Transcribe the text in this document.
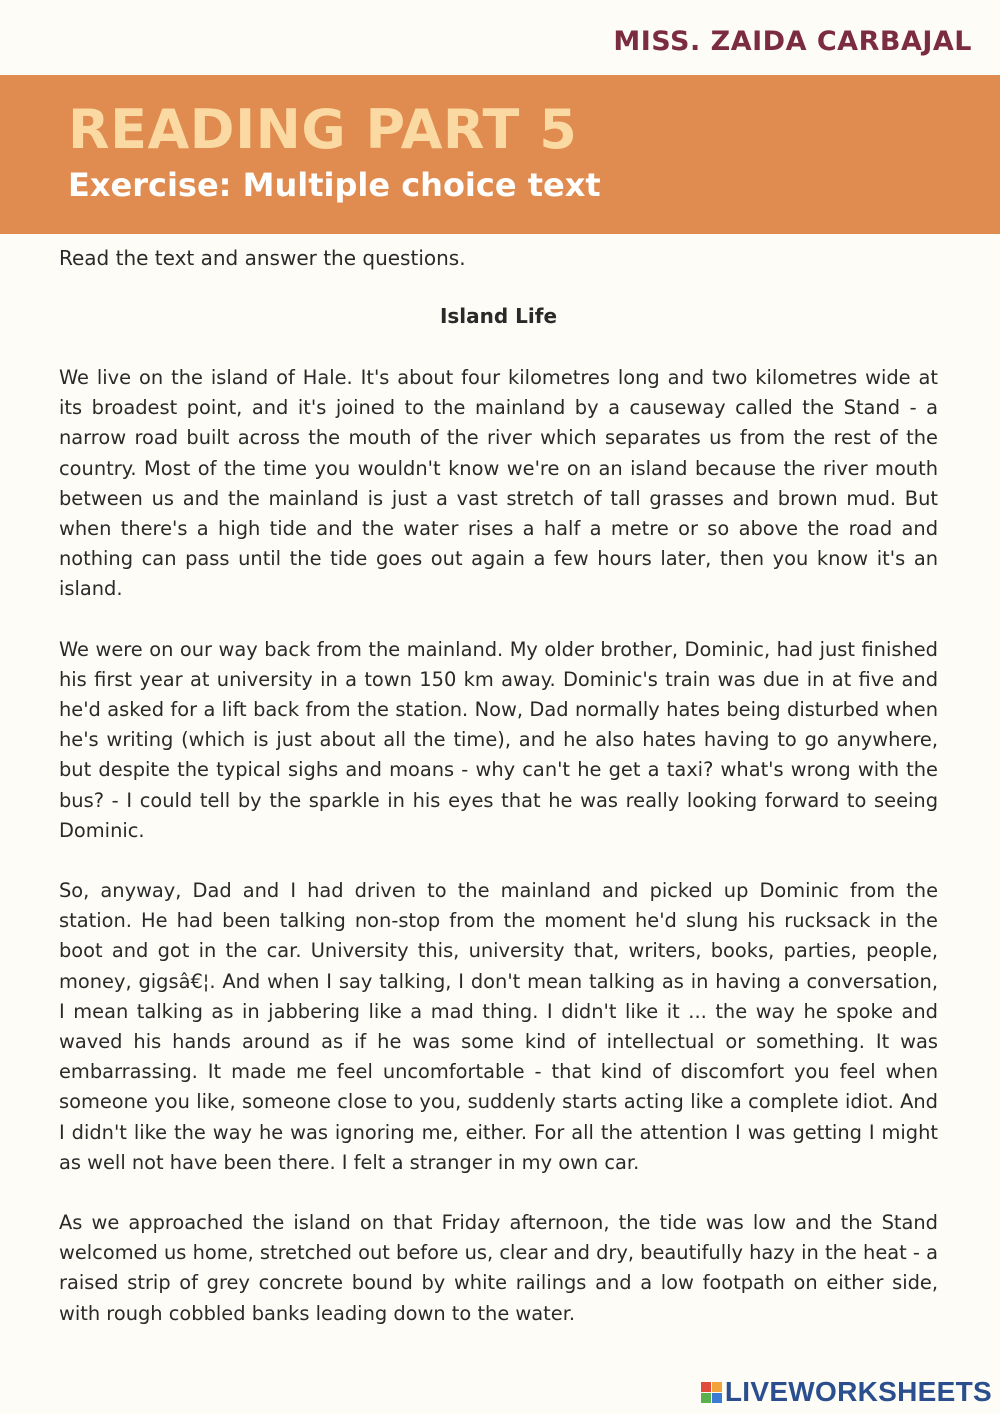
MISS. ZAIDA CARBAJAL
READING PART 5
Exercise: Multiple choice text

Read the text and answer the questions.

Island Life

We live on the island of Hale. It's about four kilometres long and two kilometres wide at its broadest point, and it's joined to the mainland by a causeway called the Stand - a narrow road built across the mouth of the river which separates us from the rest of the country. Most of the time you wouldn't know we're on an island because the river mouth between us and the mainland is just a vast stretch of tall grasses and brown mud. But when there's a high tide and the water rises a half a metre or so above the road and nothing can pass until the tide goes out again a few hours later, then you know it's an island.

We were on our way back from the mainland. My older brother, Dominic, had just finished his first year at university in a town 150 km away. Dominic's train was due in at five and he'd asked for a lift back from the station. Now, Dad normally hates being disturbed when he's writing (which is just about all the time), and he also hates having to go anywhere, but despite the typical sighs and moans - why can't he get a taxi? what's wrong with the bus? - I could tell by the sparkle in his eyes that he was really looking forward to seeing Dominic.

So, anyway, Dad and I had driven to the mainland and picked up Dominic from the station. He had been talking non-stop from the moment he'd slung his rucksack in the boot and got in the car. University this, university that, writers, books, parties, people, money, gigsâ€¦. And when I say talking, I don't mean talking as in having a conversation, I mean talking as in jabbering like a mad thing. I didn't like it ... the way he spoke and waved his hands around as if he was some kind of intellectual or something. It was embarrassing. It made me feel uncomfortable - that kind of discomfort you feel when someone you like, someone close to you, suddenly starts acting like a complete idiot. And I didn't like the way he was ignoring me, either. For all the attention I was getting I might as well not have been there. I felt a stranger in my own car.

As we approached the island on that Friday afternoon, the tide was low and the Stand welcomed us home, stretched out before us, clear and dry, beautifully hazy in the heat - a raised strip of grey concrete bound by white railings and a low footpath on either side, with rough cobbled banks leading down to the water.

LIVEWORKSHEETS
